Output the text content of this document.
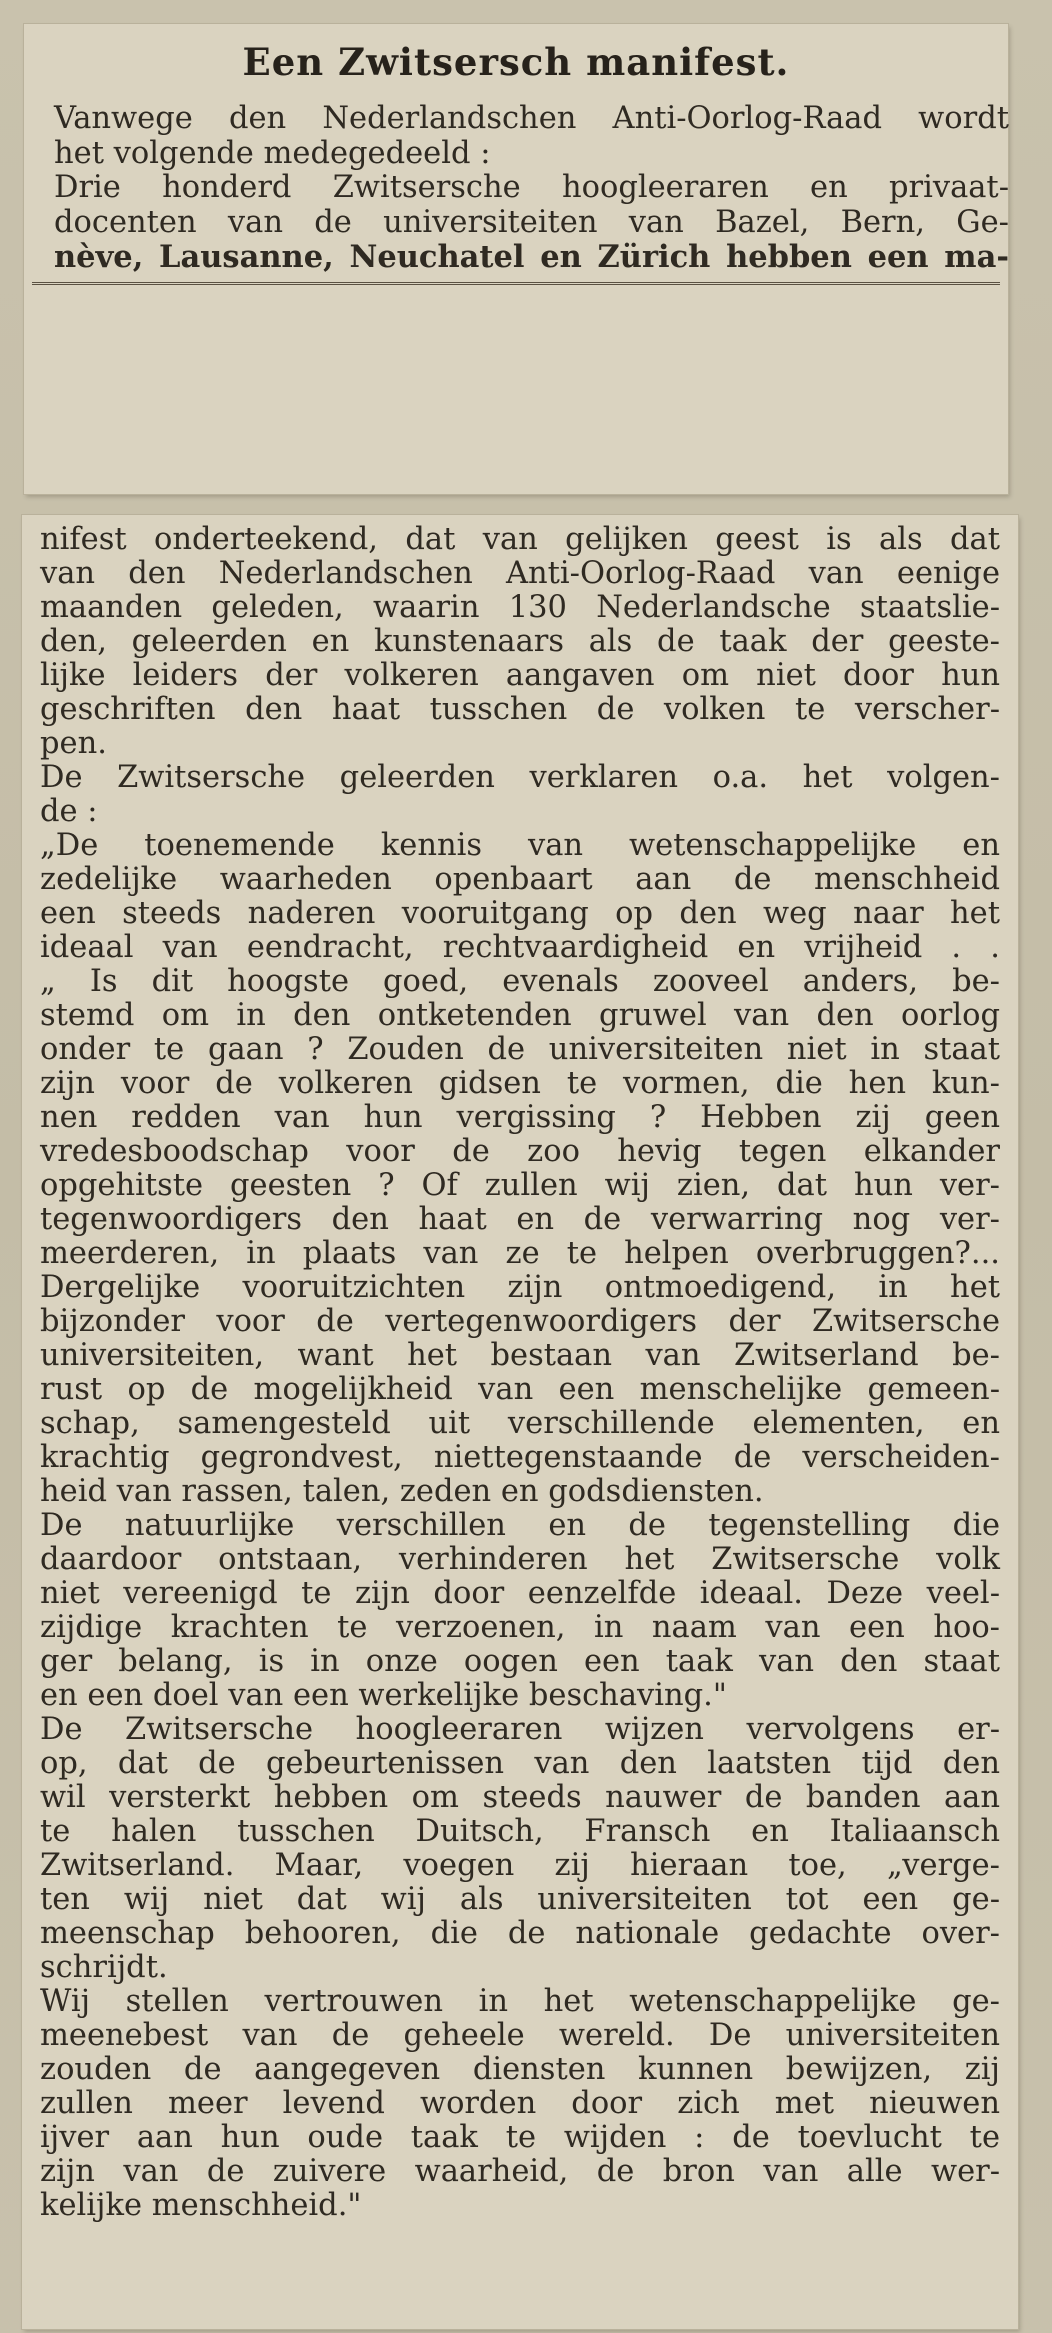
Een Zwitsersch manifest.
Vanwege den Nederlandschen Anti-Oorlog-Raad wordt
het volgende medegedeeld :
Drie honderd Zwitsersche hoogleeraren en privaat-
docenten van de universiteiten van Bazel, Bern, Ge-
nève, Lausanne, Neuchatel en Zürich hebben een ma-
nifest onderteekend, dat van gelijken geest is als dat
van den Nederlandschen Anti-Oorlog-Raad van eenige
maanden geleden, waarin 130 Nederlandsche staatslie-
den, geleerden en kunstenaars als de taak der geeste-
lijke leiders der volkeren aangaven om niet door hun
geschriften den haat tusschen de volken te verscher-
pen.
De Zwitsersche geleerden verklaren o.a. het volgen-
de :
„De toenemende kennis van wetenschappelijke en
zedelijke waarheden openbaart aan de menschheid
een steeds naderen vooruitgang op den weg naar het
ideaal van eendracht, rechtvaardigheid en vrijheid . .
„ Is dit hoogste goed, evenals zooveel anders, be-
stemd om in den ontketenden gruwel van den oorlog
onder te gaan ? Zouden de universiteiten niet in staat
zijn voor de volkeren gidsen te vormen, die hen kun-
nen redden van hun vergissing ? Hebben zij geen
vredesboodschap voor de zoo hevig tegen elkander
opgehitste geesten ? Of zullen wij zien, dat hun ver-
tegenwoordigers den haat en de verwarring nog ver-
meerderen, in plaats van ze te helpen overbruggen?...
Dergelijke vooruitzichten zijn ontmoedigend, in het
bijzonder voor de vertegenwoordigers der Zwitsersche
universiteiten, want het bestaan van Zwitserland be-
rust op de mogelijkheid van een menschelijke gemeen-
schap, samengesteld uit verschillende elementen, en
krachtig gegrondvest, niettegenstaande de verscheiden-
heid van rassen, talen, zeden en godsdiensten.
De natuurlijke verschillen en de tegenstelling die
daardoor ontstaan, verhinderen het Zwitsersche volk
niet vereenigd te zijn door eenzelfde ideaal. Deze veel-
zijdige krachten te verzoenen, in naam van een hoo-
ger belang, is in onze oogen een taak van den staat
en een doel van een werkelijke beschaving."
De Zwitsersche hoogleeraren wijzen vervolgens er-
op, dat de gebeurtenissen van den laatsten tijd den
wil versterkt hebben om steeds nauwer de banden aan
te halen tusschen Duitsch, Fransch en Italiaansch
Zwitserland. Maar, voegen zij hieraan toe, „verge-
ten wij niet dat wij als universiteiten tot een ge-
meenschap behooren, die de nationale gedachte over-
schrijdt.
Wij stellen vertrouwen in het wetenschappelijke ge-
meenebest van de geheele wereld. De universiteiten
zouden de aangegeven diensten kunnen bewijzen, zij
zullen meer levend worden door zich met nieuwen
ijver aan hun oude taak te wijden : de toevlucht te
zijn van de zuivere waarheid, de bron van alle wer-
kelijke menschheid."
